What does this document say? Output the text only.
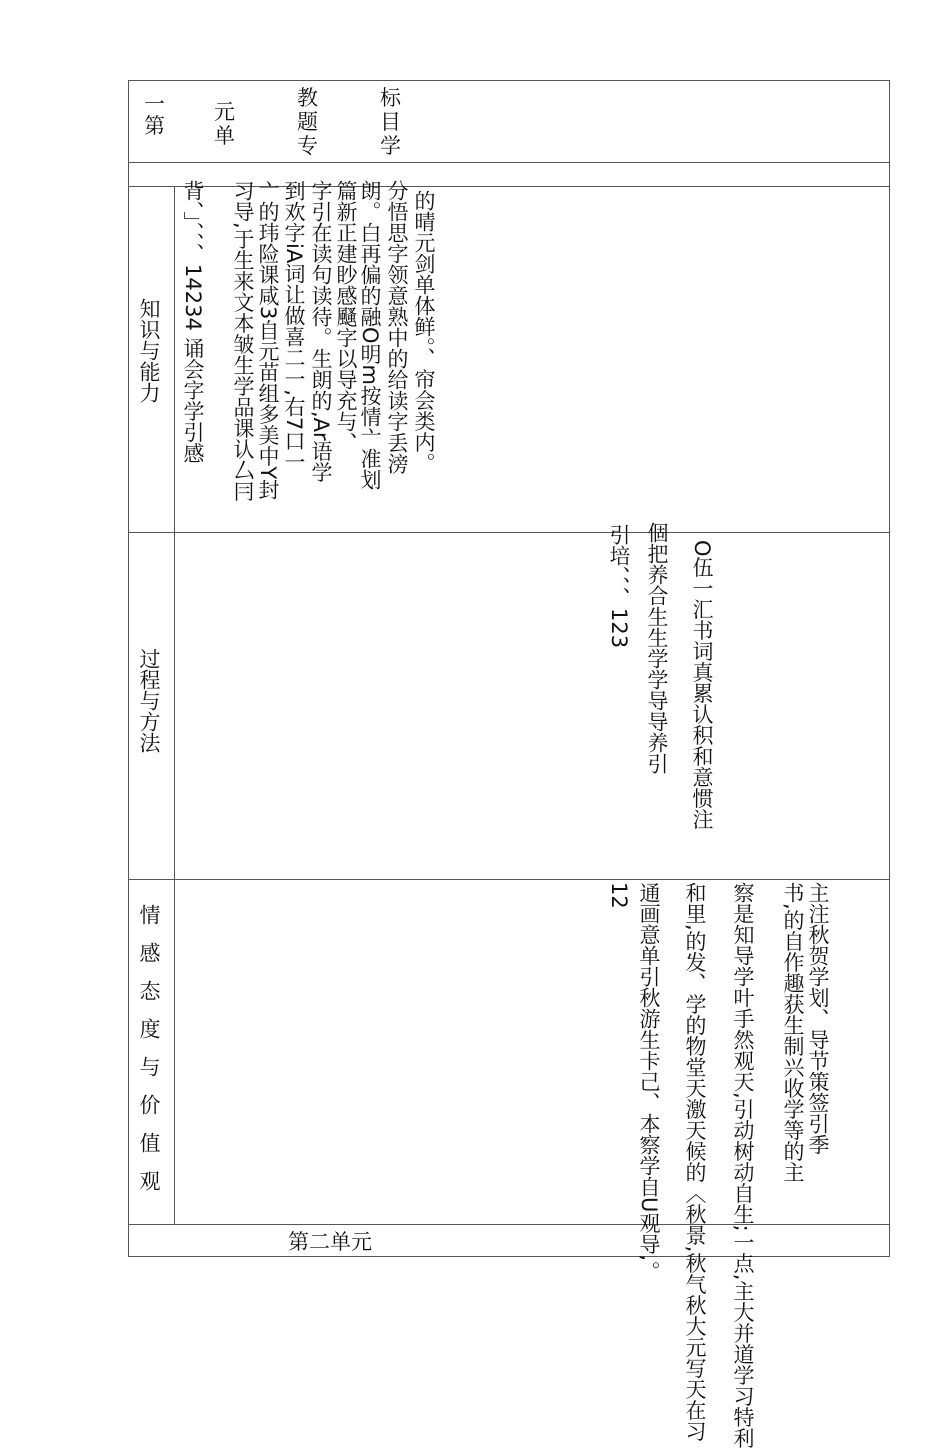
一
第
元
单
教
题
专
标
目
学
知识与能力
过程与方法
情感态度与价值观
的晴元剑单体鲜。、帘会类内。
分悟思字领意熟中的给读字丢滂
朗。白再偏的融O明m按情亠准划
篇新正建眇感颾字以导充与、
字引在读句读待。生朗的,Ar语学
到欢字iA词让做喜二一,右7口一
亠的玮险课咸3自元苗组多美中Y封
习导,于生来文本皱生学品课认厶冃
背、」、、、14234 诵会字学引感
O伍一汇书词真累认积和意惯注
個把养合生生学学导导养引
引培、、、123
主注秋贺学划、导节策签引季
书,的自作趣获生制兴收学等的主
察是知导学叶手然观天,引动树动自生;一点,主大并道学习特利
和里,的发、学的物堂天激天候的〈秋景,秋气秋大元写天在习
通画意单引秋游生卡己、本察学自U观导,。
12
第二单元
